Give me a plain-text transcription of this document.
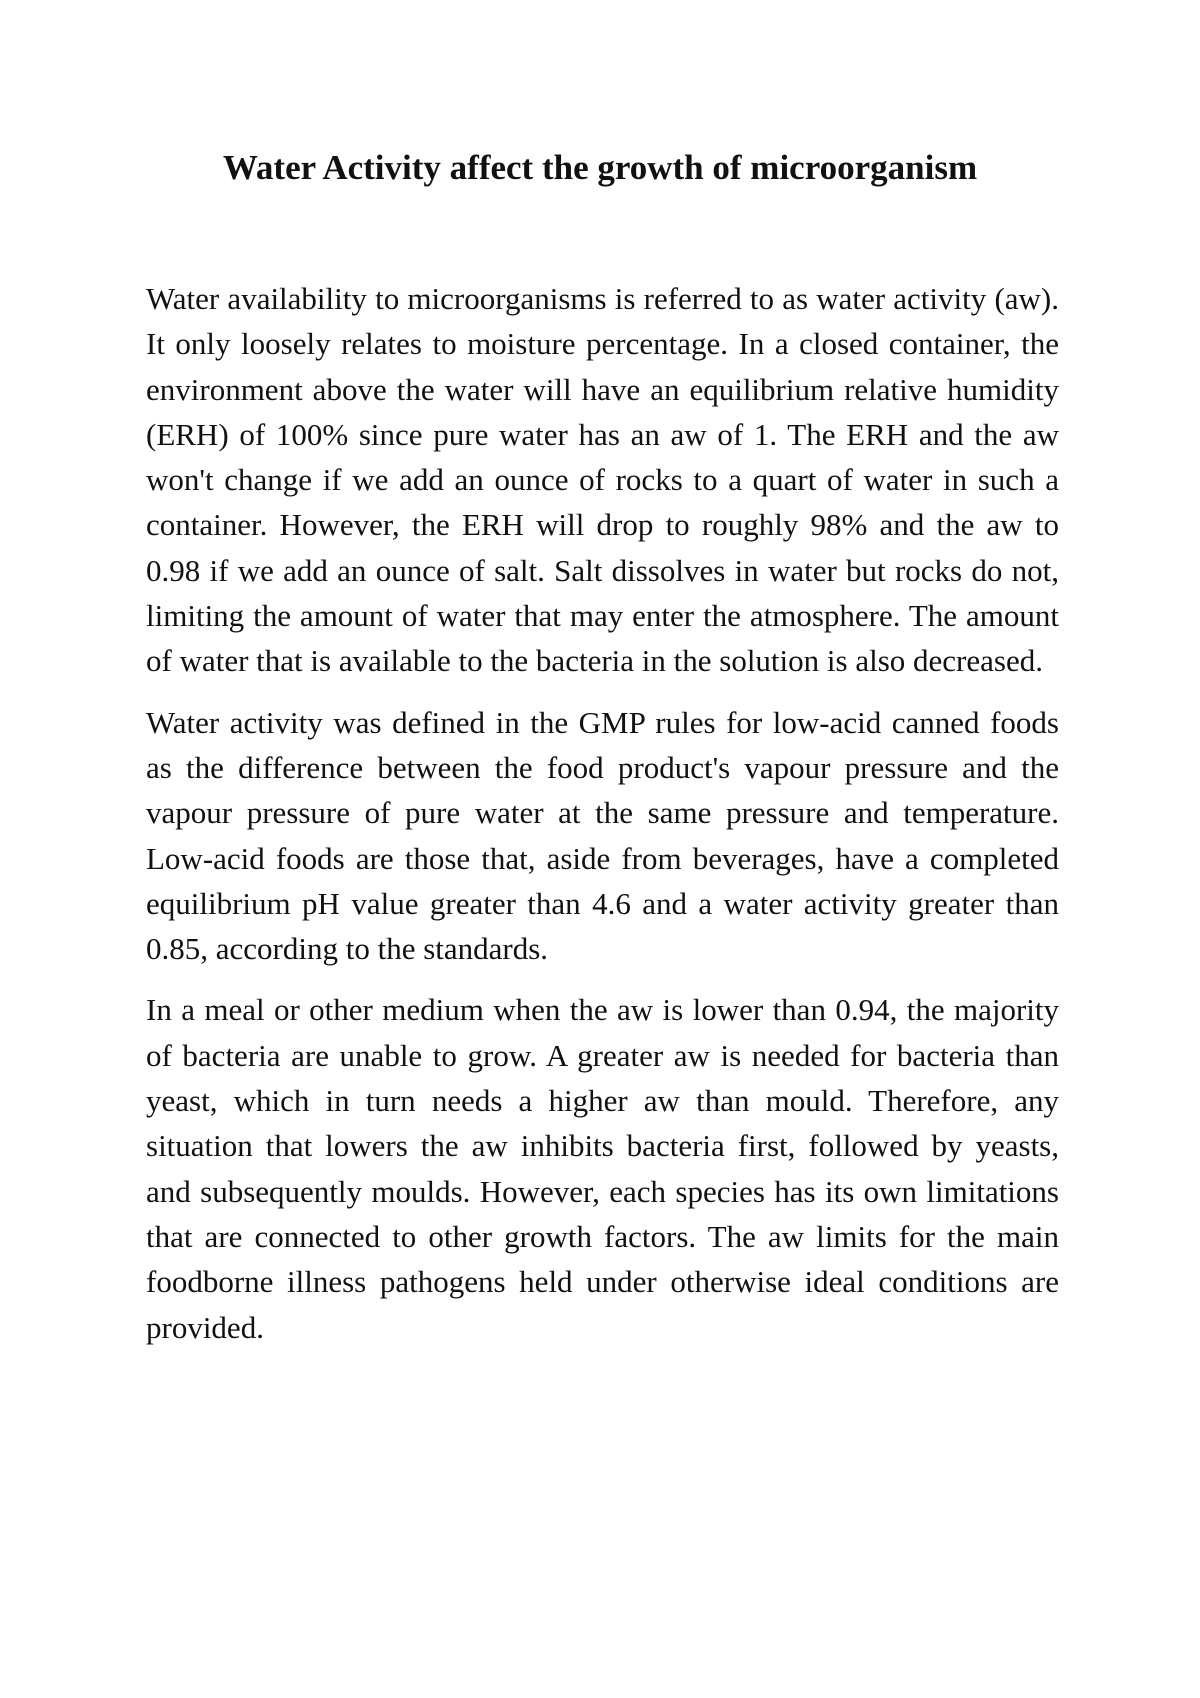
Water Activity affect the growth of microorganism

Water availability to microorganisms is referred to as water activity (aw). It only loosely relates to moisture percentage. In a closed container, the environment above the water will have an equilibrium relative humidity (ERH) of 100% since pure water has an aw of 1. The ERH and the aw won't change if we add an ounce of rocks to a quart of water in such a container. However, the ERH will drop to roughly 98% and the aw to 0.98 if we add an ounce of salt. Salt dissolves in water but rocks do not, limiting the amount of water that may enter the atmosphere. The amount of water that is available to the bacteria in the solution is also decreased.

Water activity was defined in the GMP rules for low-acid canned foods as the difference between the food product's vapour pressure and the vapour pressure of pure water at the same pressure and temperature. Low-acid foods are those that, aside from beverages, have a completed equilibrium pH value greater than 4.6 and a water activity greater than 0.85, according to the standards.

In a meal or other medium when the aw is lower than 0.94, the majority of bacteria are unable to grow. A greater aw is needed for bacteria than yeast, which in turn needs a higher aw than mould. Therefore, any situation that lowers the aw inhibits bacteria first, followed by yeasts, and subsequently moulds. However, each species has its own limitations that are connected to other growth factors. The aw limits for the main foodborne illness pathogens held under otherwise ideal conditions are provided.
